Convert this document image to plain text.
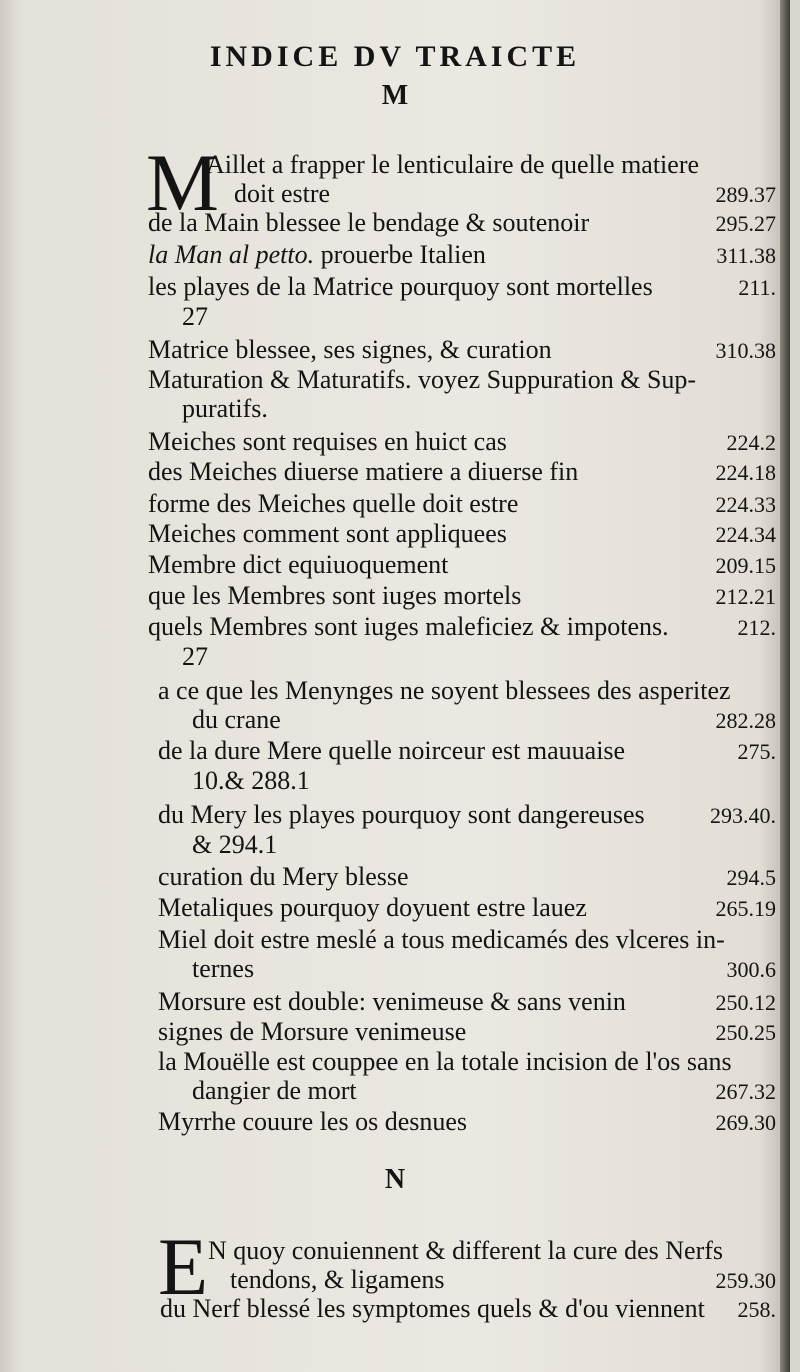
INDICE DV TRAICTE
M
Aillet a frapper le lenticulaire de quelle matiere
doit estre	289.37
de la Main blessee le bendage & soutenoir	295.27
la Man al petto. prouerbe Italien	311.38
les playes de la Matrice pourquoy sont mortelles	211.
27
Matrice blessee, ses signes, & curation	310.38
Maturation & Maturatifs. voyez Suppuration & Sup-
puratifs.
Meiches sont requises en huict cas	224.2
des Meiches diuerse matiere a diuerse fin	224.18
forme des Meiches quelle doit estre	224.33
Meiches comment sont appliquees	224.34
Membre dict equiuoquement	209.15
que les Membres sont iuges mortels	212.21
quels Membres sont iuges maleficiez & impotens.	212.
27
a ce que les Menynges ne soyent blessees des asperitez
du crane	282.28
de la dure Mere quelle noirceur est mauuaise	275.
10.& 288.1
du Mery les playes pourquoy sont dangereuses	293.40.
& 294.1
curation du Mery blesse	294.5
Metaliques pourquoy doyuent estre lauez	265.19
Miel doit estre meslé a tous medicamés des vlceres in-
ternes	300.6
Morsure est double: venimeuse & sans venin	250.12
signes de Morsure venimeuse	250.25
la Mouëlle est couppee en la totale incision de l'os sans
dangier de mort	267.32
Myrrhe couure les os desnues	269.30
N quoy conuiennent & different la cure des Nerfs
tendons, & ligamens	259.30
du Nerf blessé les symptomes quels & d'ou viennent	258.
M
E
N
